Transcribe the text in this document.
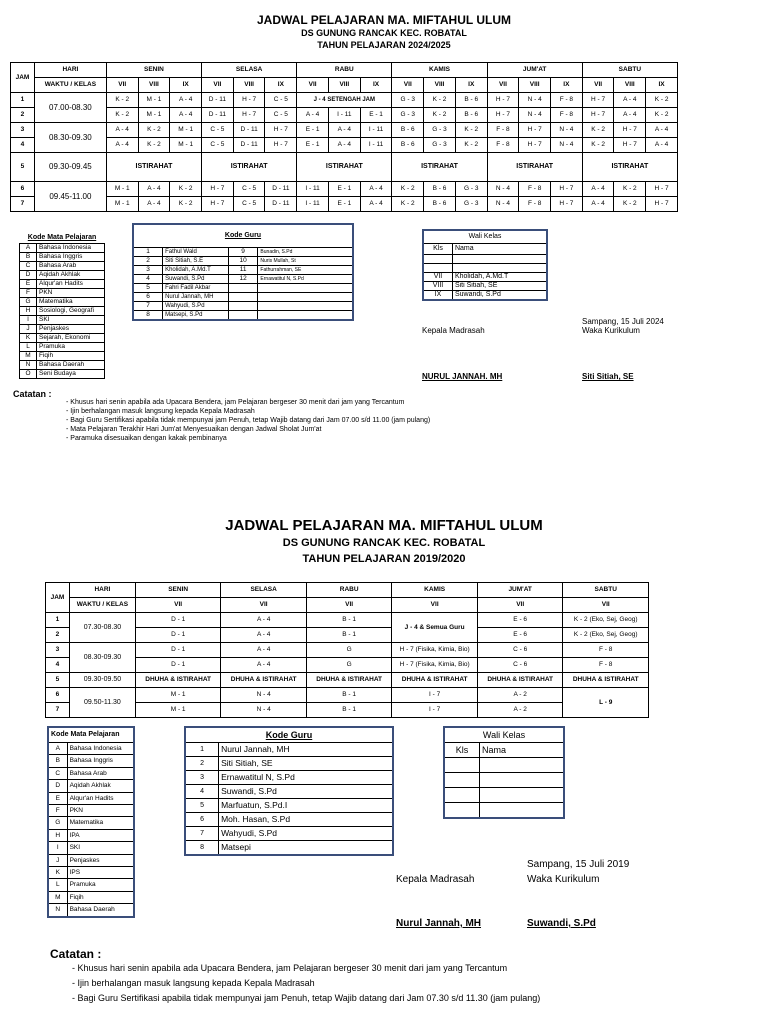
JADWAL PELAJARAN MA. MIFTAHUL ULUM
DS GUNUNG RANCAK KEC. ROBATAL
TAHUN PELAJARAN 2024/2025
JAM	HARI	SENIN			SELASA			RABU			KAMIS			JUM'AT			SABTU		
	WAKTU / KELAS	VII	VIII	IX	VII	VIII	IX	VII	VIII	IX	VII	VIII	IX	VII	VIII	IX	VII	VIII	IX
1	07.00-08.30	K - 2	M - 1	A - 4	D - 11	H - 7	C - 5	J - 4 SETENGAH JAM			G - 3	K - 2	B - 6	H - 7	N - 4	F - 8	H - 7	A - 4	K - 2
2		K - 2	M - 1	A - 4	D - 11	H - 7	C - 5	A - 4	I - 11	E - 1	G - 3	K - 2	B - 6	H - 7	N - 4	F - 8	H - 7	A - 4	K - 2
3	08.30-09.30	A - 4	K - 2	M - 1	C - 5	D - 11	H - 7	E - 1	A - 4	I - 11	B - 6	G - 3	K - 2	F - 8	H - 7	N - 4	K - 2	H - 7	A - 4
4		A - 4	K - 2	M - 1	C - 5	D - 11	H - 7	E - 1	A - 4	I - 11	B - 6	G - 3	K - 2	F - 8	H - 7	N - 4	K - 2	H - 7	A - 4
5	09.30-09.45	ISTIRAHAT			ISTIRAHAT			ISTIRAHAT			ISTIRAHAT			ISTIRAHAT			ISTIRAHAT		
6	09.45-11.00	M - 1	A - 4	K - 2	H - 7	C - 5	D - 11	I - 11	E - 1	A - 4	K - 2	B - 6	G - 3	N - 4	F - 8	H - 7	A - 4	K - 2	H - 7
7		M - 1	A - 4	K - 2	H - 7	C - 5	D - 11	I - 11	E - 1	A - 4	K - 2	B - 6	G - 3	N - 4	F - 8	H - 7	A - 4	K - 2	H - 7
Kode Mata Pelajaran	
A	Bahasa Indonesia
B	Bahasa Inggris
C	Bahasa Arab
D	Aqidah Akhlak
E	Alqur'an Hadits
F	PKN
G	Matematika
H	Sosiologi, Geografi
I	SKI
J	Penjaskes
K	Sejarah, Ekonomi
L	Pramuka
M	Fiqih
N	Bahasa Daerah
O	Seni Budaya
Kode Guru			
1	Fathul Wald	9	Bunadin, S.Pd
2	Siti Sitiah, S.E	10	Nuris Mullah, St
3	Kholidah, A.Md.T	11	Fathurrahman, SE
4	Suwandi, S.Pd	12	Ernawatitul N, S.Pd
5	Fahri Fadil Akbar		
6	Nurul Jannah, MH		
7	Wahyudi, S.Pd		
8	Matsepi, S.Pd		
Wali Kelas	
Kls	Nama

VII	Kholidah, A.Md.T
VIII	Siti Sitiah, SE
IX	Suwandi, S.Pd
Sampang, 15 Juli 2024
Waka Kurikulum
Kepala Madrasah
NURUL JANNAH. MH	Siti Sitiah, SE
Catatan :
- Khusus hari senin apabila ada Upacara Bendera, jam Pelajaran bergeser 30 menit dari jam yang Tercantum
- Ijin berhalangan masuk langsung kepada Kepala Madrasah
- Bagi Guru Sertifikasi apabila tidak mempunyai jam Penuh, tetap Wajib datang dari Jam 07.00 s/d 11.00 (jam pulang)
- Mata Pelajaran Terakhir Hari Jum'at Menyesuaikan dengan Jadwal Sholat Jum'at
- Paramuka disesuaikan dengan kakak pembinanya
JADWAL PELAJARAN MA. MIFTAHUL ULUM
DS GUNUNG RANCAK KEC. ROBATAL
TAHUN PELAJARAN 2019/2020
JAM	HARI	SENIN	SELASA	RABU	KAMIS	JUM'AT	SABTU
	WAKTU / KELAS	VII	VII	VII	VII	VII	VII
1	07.30-08.30	D - 1	A - 4	B - 1	J - 4 & Semua Guru	E - 6	K - 2 (Eko, Sej, Geog)
2		D - 1	A - 4	B - 1		E - 6	K - 2 (Eko, Sej, Geog)
3	08.30-09.30	D - 1	A - 4	G	H - 7 (Fisika, Kimia, Bio)	C - 6	F - 8
4		D - 1	A - 4	G	H - 7 (Fisika, Kimia, Bio)	C - 6	F - 8
5	09.30-09.50	DHUHA & ISTIRAHAT	DHUHA & ISTIRAHAT	DHUHA & ISTIRAHAT	DHUHA & ISTIRAHAT	DHUHA & ISTIRAHAT	DHUHA & ISTIRAHAT
6	09.50-11.30	M - 1	N - 4	B - 1	I - 7	A - 2	L - 9
7		M - 1	N - 4	B - 1	I - 7	A - 2	
Kode Mata Pelajaran	
A	Bahasa Indonesia
B	Bahasa Inggris
C	Bahasa Arab
D	Aqidah Akhlak
E	Alqur'an Hadits
F	PKN
G	Matematika
H	IPA
I	SKI
J	Penjaskes
K	IPS
L	Pramuka
M	Fiqih
N	Bahasa Daerah
Kode Guru	
1	Nurul Jannah, MH
2	Siti Sitiah, SE
3	Ernawatitul N, S.Pd
4	Suwandi, S.Pd
5	Marfuatun, S.Pd.I
6	Moh. Hasan, S.Pd
7	Wahyudi, S.Pd
8	Matsepi
Wali Kelas	
Kls	Nama

Sampang, 15 Juli 2019
Waka Kurikulum
Kepala Madrasah
Nurul Jannah, MH	Suwandi, S.Pd
Catatan :
- Khusus hari senin apabila ada Upacara Bendera, jam Pelajaran bergeser 30 menit dari jam yang Tercantum
- Ijin berhalangan masuk langsung kepada Kepala Madrasah
- Bagi Guru Sertifikasi apabila tidak mempunyai jam Penuh, tetap Wajib datang dari Jam 07.30 s/d 11.30 (jam pulang)
